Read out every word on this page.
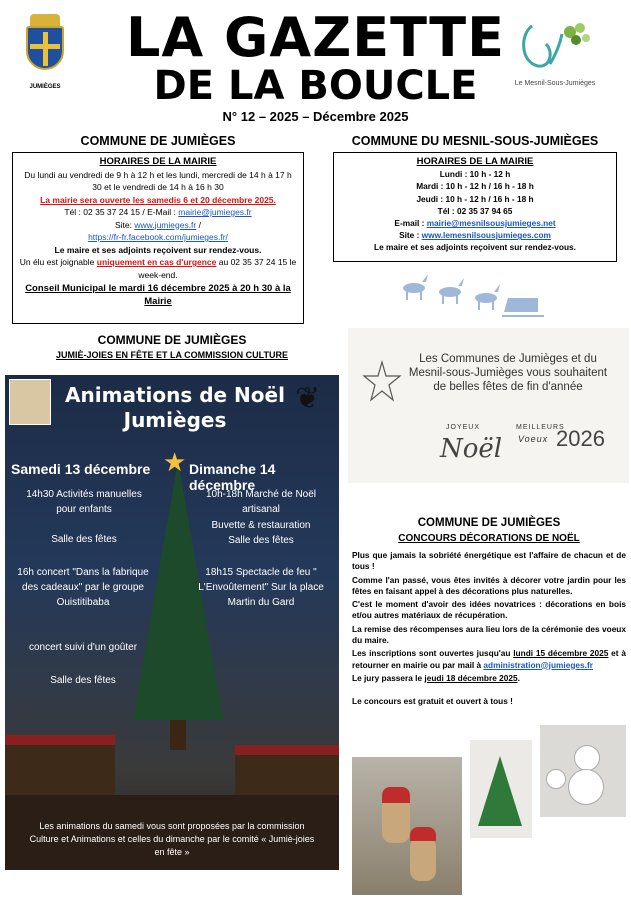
JUMIÈGES
LA GAZETTE
DE LA BOUCLE
N° 12 – 2025 – Décembre 2025
Le Mesnil-Sous-Jumièges
COMMUNE DE JUMIÈGES
HORAIRES DE LA MAIRIE
Du lundi au vendredi de 9 h à 12 h et les lundi, mercredi de 14 h à 17 h 30 et le vendredi de 14 h à 16 h 30
La mairie sera ouverte les samedis 6 et 20 décembre 2025.
Tél : 02 35 37 24 15 / E-Mail : mairie@jumieges.fr
Site: www.jumieges.fr /
https://fr-fr.facebook.com/jumieges.fr/
Le maire et ses adjoints reçoivent sur rendez-vous.
Un élu est joignable uniquement en cas d'urgence au 02 35 37 24 15 le week-end.
Conseil Municipal le mardi 16 décembre 2025 à 20 h 30 à la Mairie
COMMUNE DU MESNIL-SOUS-JUMIÈGES
HORAIRES DE LA MAIRIE
Lundi : 10 h - 12 h
Mardi : 10 h - 12 h / 16 h - 18 h
Jeudi : 10 h - 12 h / 16 h - 18 h
Tél : 02 35 37 94 65
E-mail : mairie@mesnilsousjumieges.net
Site : www.lemesnilsousjumieges.com
Le maire et ses adjoints reçoivent sur rendez-vous.
COMMUNE DE JUMIÈGES
JUMIÈ-JOIES EN FÊTE ET LA COMMISSION CULTURE
★
❦
Animations de Noël
Jumièges
Samedi 13 décembre	Dimanche 14 décembre
14h30 Activités manuelles pour enfants
Salle des fêtes
16h concert "Dans la fabrique des cadeaux" par le groupe Ouistitibaba
concert suivi d'un goûter
Salle des fêtes
10h-18h Marché de Noël artisanal
Buvette & restauration
Salle des fêtes
18h15 Spectacle de feu " L'Envoûtement" Sur la place Martin du Gard
Les animations du samedi vous sont proposées par la commission Culture et Animations et celles du dimanche par le comité « Jumiè-joies en fête »
Les Communes de Jumièges et du Mesnil-sous-Jumièges vous souhaitent de belles fêtes de fin d'année
JOYEUX
Noël
MEILLEURS
Voeux 2026
COMMUNE DE JUMIÈGES
CONCOURS DÉCORATIONS DE NOËL

Plus que jamais la sobriété énergétique est l'affaire de chacun et de tous !

Comme l'an passé, vous êtes invités à décorer votre jardin pour les fêtes en faisant appel à des décorations plus naturelles.

C'est le moment d'avoir des idées novatrices : décorations en bois et/ou autres matériaux de récupération.

La remise des récompenses aura lieu lors de la cérémonie des voeux du maire.

Les inscriptions sont ouvertes jusqu'au lundi 15 décembre 2025 et à retourner en mairie ou par mail à administration@jumieges.fr

Le jury passera le jeudi 18 décembre 2025.

Le concours est gratuit et ouvert à tous !
